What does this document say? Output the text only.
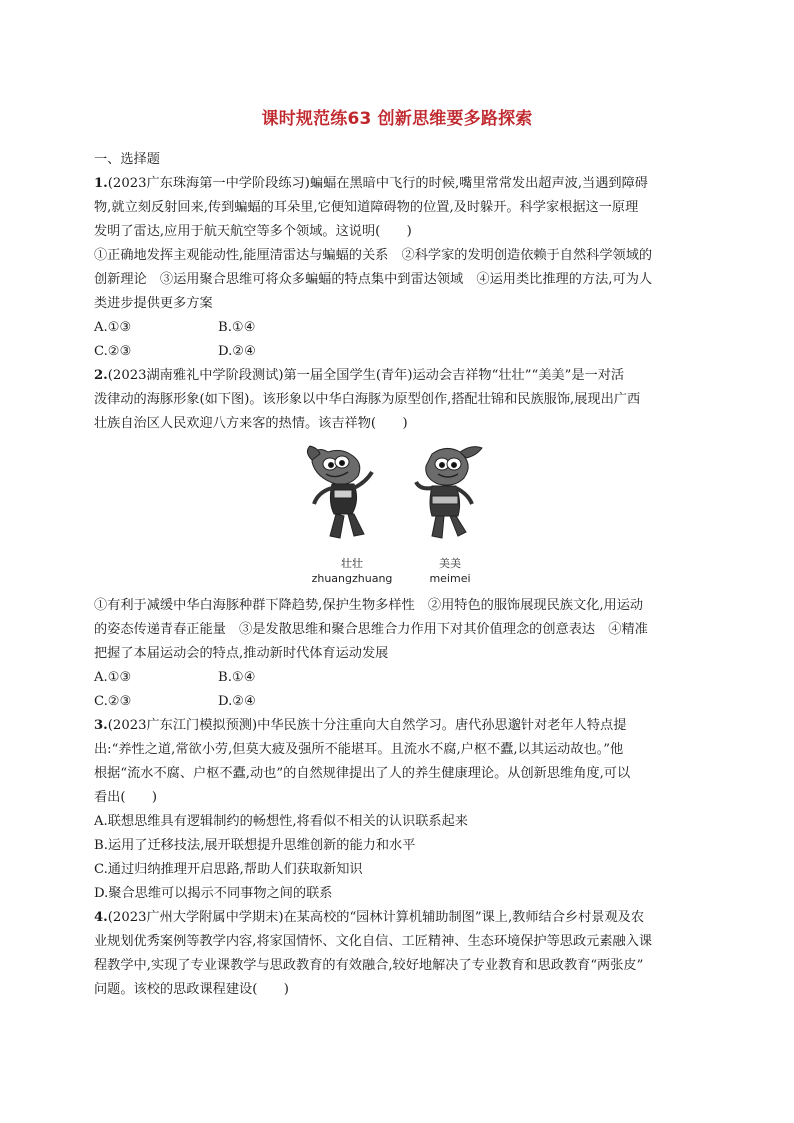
课时规范练63 创新思维要多路探索
一、选择题
1.(2023广东珠海第一中学阶段练习)蝙蝠在黑暗中飞行的时候,嘴里常常发出超声波,当遇到障碍
物,就立刻反射回来,传到蝙蝠的耳朵里,它便知道障碍物的位置,及时躲开。科学家根据这一原理
发明了雷达,应用于航天航空等多个领域。这说明(　　)
①正确地发挥主观能动性,能厘清雷达与蝙蝠的关系　②科学家的发明创造依赖于自然科学领域的
创新理论　③运用聚合思维可将众多蝙蝠的特点集中到雷达领域　④运用类比推理的方法,可为人
类进步提供更多方案
A.①③	B.①④
C.②③	D.②④
2.(2023湖南雅礼中学阶段测试)第一届全国学生(青年)运动会吉祥物“壮壮”“美美”是一对活
泼律动的海豚形象(如下图)。该形象以中华白海豚为原型创作,搭配壮锦和民族服饰,展现出广西
壮族自治区人民欢迎八方来客的热情。该吉祥物(　　)
壮壮
zhuangzhuang
美美
meimei
①有利于减缓中华白海豚种群下降趋势,保护生物多样性　②用特色的服饰展现民族文化,用运动
的姿态传递青春正能量　③是发散思维和聚合思维合力作用下对其价值理念的创意表达　④精准
把握了本届运动会的特点,推动新时代体育运动发展
A.①③	B.①④
C.②③	D.②④
3.(2023广东江门模拟预测)中华民族十分注重向大自然学习。唐代孙思邈针对老年人特点提
出:“养性之道,常欲小劳,但莫大疲及强所不能堪耳。且流水不腐,户枢不蠹,以其运动故也。”他
根据“流水不腐、户枢不蠹,动也”的自然规律提出了人的养生健康理论。从创新思维角度,可以
看出(　　)
A.联想思维具有逻辑制约的畅想性,将看似不相关的认识联系起来
B.运用了迁移技法,展开联想提升思维创新的能力和水平
C.通过归纳推理开启思路,帮助人们获取新知识
D.聚合思维可以揭示不同事物之间的联系
4.(2023广州大学附属中学期末)在某高校的“园林计算机辅助制图”课上,教师结合乡村景观及农
业规划优秀案例等教学内容,将家国情怀、文化自信、工匠精神、生态环境保护等思政元素融入课
程教学中,实现了专业课教学与思政教育的有效融合,较好地解决了专业教育和思政教育“两张皮”
问题。该校的思政课程建设(　　)
